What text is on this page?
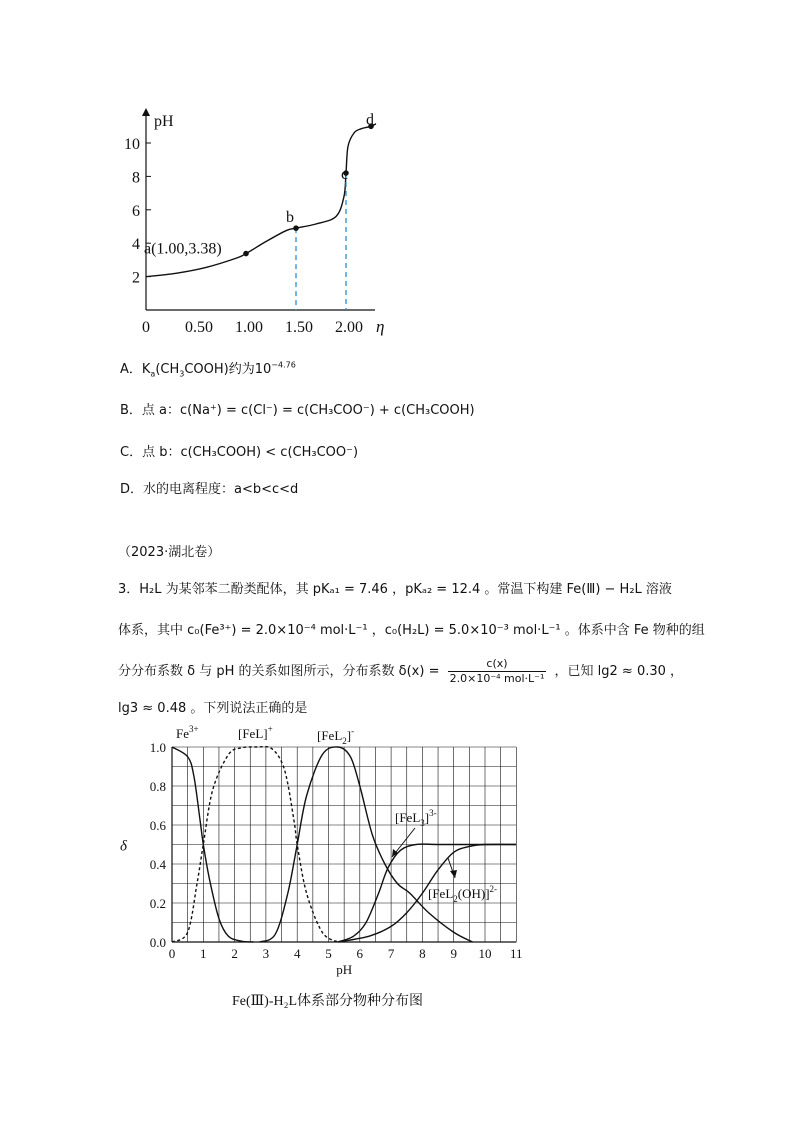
pH
η
2
4
6
8
10
0 0.50 1.00 1.50 2.00
a(1.00,3.38)
b
c
d
A．$K_a(CH_3COOH)$约为$10^{-4.76}$
B．点 a：c(Na⁺) = c(Cl⁻) = c(CH₃COO⁻) + c(CH₃COOH)
C．点 b：c(CH₃COOH) < c(CH₃COO⁻)
D．水的电离程度：a<b<c<d
（2023·湖北卷）
3．H₂L 为某邻苯二酚类配体，其 pKₐ₁ = 7.46 ，pKₐ₂ = 12.4 。常温下构建 Fe(Ⅲ) − H₂L 溶液
体系，其中 c₀(Fe³⁺) = 2.0×10⁻⁴ mol·L⁻¹ ，c₀(H₂L) = 5.0×10⁻³ mol·L⁻¹ 。体系中含 Fe 物种的组
分分布系数 δ 与 pH 的关系如图所示，分布系数 δ(x) =
c(x)
2.0×10⁻⁴ mol·L⁻¹ ，已知 lg2 ≈ 0.30 ，
lg3 ≈ 0.48 。下列说法正确的是
0 1 2 3 4 5 6 7 8 9 10 11
0.0
0.2
0.4
0.6
0.8
1.0
pH
δ
$Fe^{3+}$	[FeL]+	[FeL$_2$]-
$[FeL_3]^{3-}$
$[FeL_2(OH)]^{2-}$
Fe(Ⅲ)-H₂L体系部分物种分布图
